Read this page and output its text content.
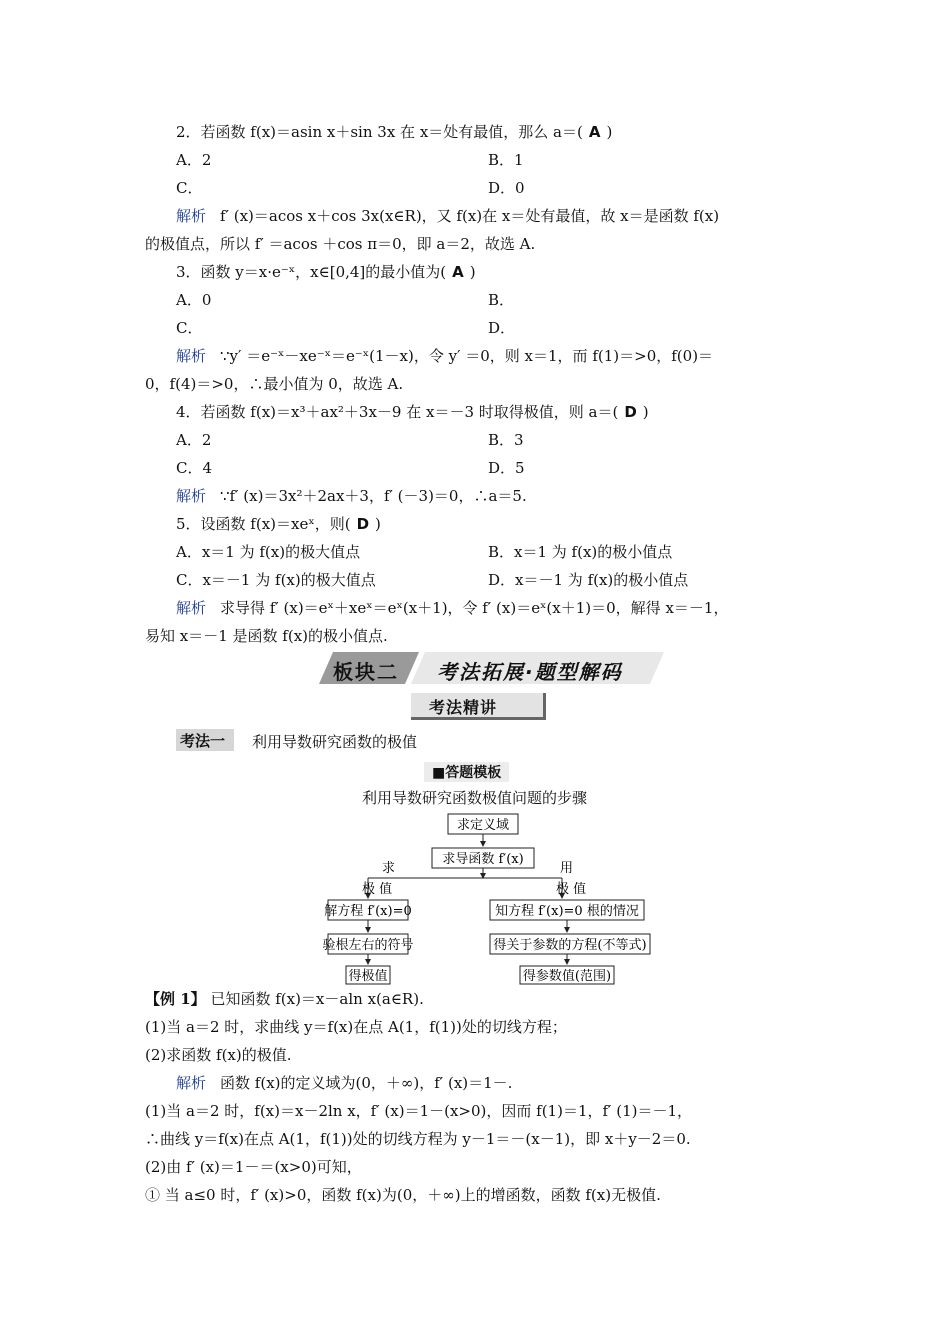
2．若函数 f(x)＝asin x＋sin 3x 在 x＝处有最值，那么 a＝( A )
A．2	B．1
C．	D．0
解析 f′ (x)＝acos x＋cos 3x(x∈R)，又 f(x)在 x＝处有最值，故 x＝是函数 f(x)
的极值点，所以 f′ ＝acos ＋cos π＝0，即 a＝2，故选 A.
3．函数 y＝x·e⁻ˣ，x∈[0,4]的最小值为( A )
A．0	B．
C．	D．
解析 ∵y′ ＝e⁻ˣ－xe⁻ˣ＝e⁻ˣ(1－x)，令 y′ ＝0，则 x＝1，而 f(1)＝>0，f(0)＝
0，f(4)＝>0，∴最小值为 0，故选 A.
4．若函数 f(x)＝x³＋ax²＋3x－9 在 x＝－3 时取得极值，则 a＝( D )
A．2	B．3
C．4	D．5
解析 ∵f′ (x)＝3x²＋2ax＋3，f′ (－3)＝0，∴a＝5.
5．设函数 f(x)＝xeˣ，则( D )
A．x＝1 为 f(x)的极大值点	B．x＝1 为 f(x)的极小值点
C．x＝－1 为 f(x)的极大值点	D．x＝－1 为 f(x)的极小值点
解析 求导得 f′ (x)＝eˣ＋xeˣ＝eˣ(x＋1)，令 f′ (x)＝eˣ(x＋1)＝0，解得 x＝－1，
易知 x＝－1 是函数 f(x)的极小值点.
板块二 考法拓展·题型解码
考法精讲
考法一 利用导数研究函数的极值
■答题模板
利用导数研究函数极值问题的步骤
求定义域
求导函数 f′(x)
求	用
极 值	极 值
解方程 f′(x)=0
验根左右的符号
得极值
知方程 f′(x)=0 根的情况
得关于参数的方程(不等式)
得参数值(范围)
【例 1】 已知函数 f(x)＝x－aln x(a∈R).
(1)当 a＝2 时，求曲线 y＝f(x)在点 A(1，f(1))处的切线方程；
(2)求函数 f(x)的极值.
解析 函数 f(x)的定义域为(0，＋∞)，f′ (x)＝1－.
(1)当 a＝2 时，f(x)＝x－2ln x，f′ (x)＝1－(x>0)，因而 f(1)＝1，f′ (1)＝－1，
∴曲线 y＝f(x)在点 A(1，f(1))处的切线方程为 y－1＝－(x－1)，即 x＋y－2＝0.
(2)由 f′ (x)＝1－＝(x>0)可知，
① 当 a≤0 时，f′ (x)>0，函数 f(x)为(0，＋∞)上的增函数，函数 f(x)无极值.
